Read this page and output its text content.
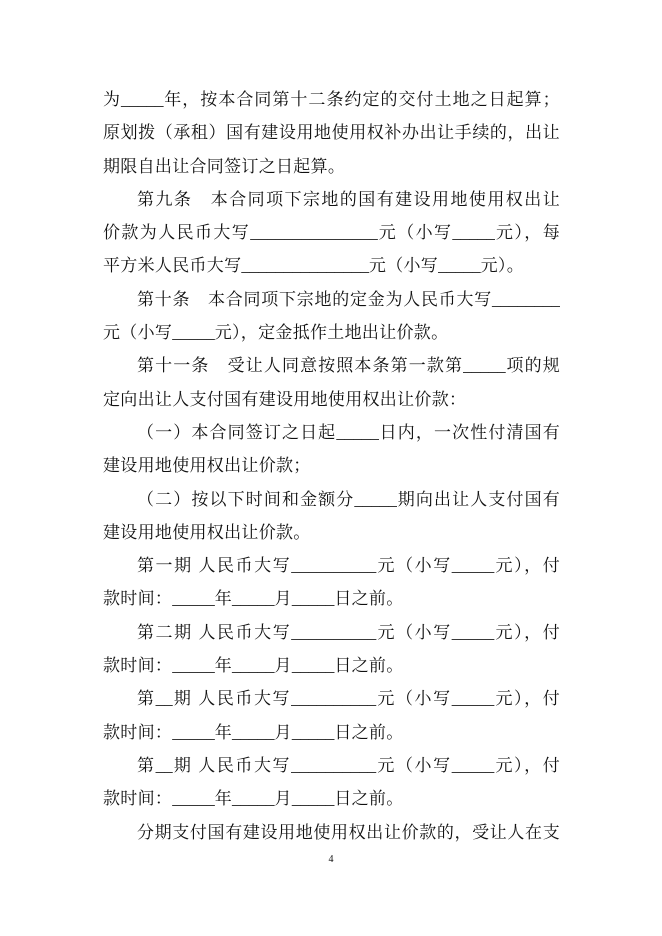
为_____年，按本合同第十二条约定的交付土地之日起算；
原划拨（承租）国有建设用地使用权补办出让手续的，出让
期限自出让合同签订之日起算。
第九条　本合同项下宗地的国有建设用地使用权出让
价款为人民币大写_______________元（小写_____元），每
平方米人民币大写_______________元（小写_____元）。
第十条　本合同项下宗地的定金为人民币大写________
元（小写_____元），定金抵作土地出让价款。
第十一条　受让人同意按照本条第一款第_____项的规
定向出让人支付国有建设用地使用权出让价款：
（一）本合同签订之日起_____日内，一次性付清国有
建设用地使用权出让价款；
（二）按以下时间和金额分_____期向出让人支付国有
建设用地使用权出让价款。
第一期 人民币大写__________元（小写_____元），付
款时间：_____年_____月_____日之前。
第二期 人民币大写__________元（小写_____元），付
款时间：_____年_____月_____日之前。
第__期 人民币大写__________元（小写_____元），付
款时间：_____年_____月_____日之前。
第__期 人民币大写__________元（小写_____元），付
款时间：_____年_____月_____日之前。
分期支付国有建设用地使用权出让价款的，受让人在支
4
